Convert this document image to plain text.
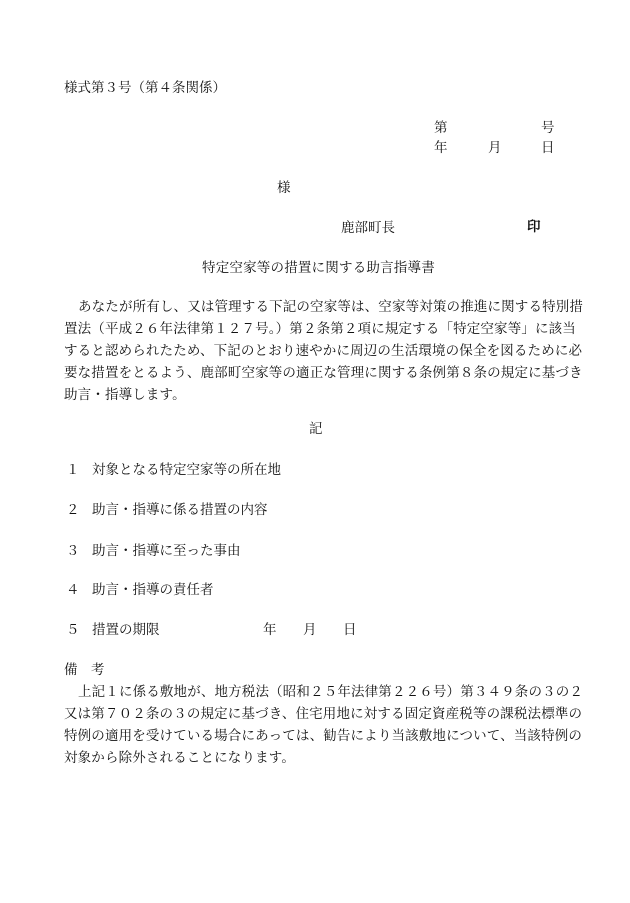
様式第３号（第４条関係）
第	号
年	月	日
様
鹿部町長	印
特定空家等の措置に関する助言指導書
あなたが所有し、又は管理する下記の空家等は、空家等対策の推進に関する特別措
置法（平成２６年法律第１２７号。）第２条第２項に規定する「特定空家等」に該当
すると認められたため、下記のとおり速やかに周辺の生活環境の保全を図るために必
要な措置をとるよう、鹿部町空家等の適正な管理に関する条例第８条の規定に基づき
助言・指導します。
記
１ 対象となる特定空家等の所在地
２ 助言・指導に係る措置の内容
３ 助言・指導に至った事由
４ 助言・指導の責任者
５ 措置の期限	年 月 日
備　考
上記１に係る敷地が、地方税法（昭和２５年法律第２２６号）第３４９条の３の２
又は第７０２条の３の規定に基づき、住宅用地に対する固定資産税等の課税法標準の
特例の適用を受けている場合にあっては、勧告により当該敷地について、当該特例の
対象から除外されることになります。
